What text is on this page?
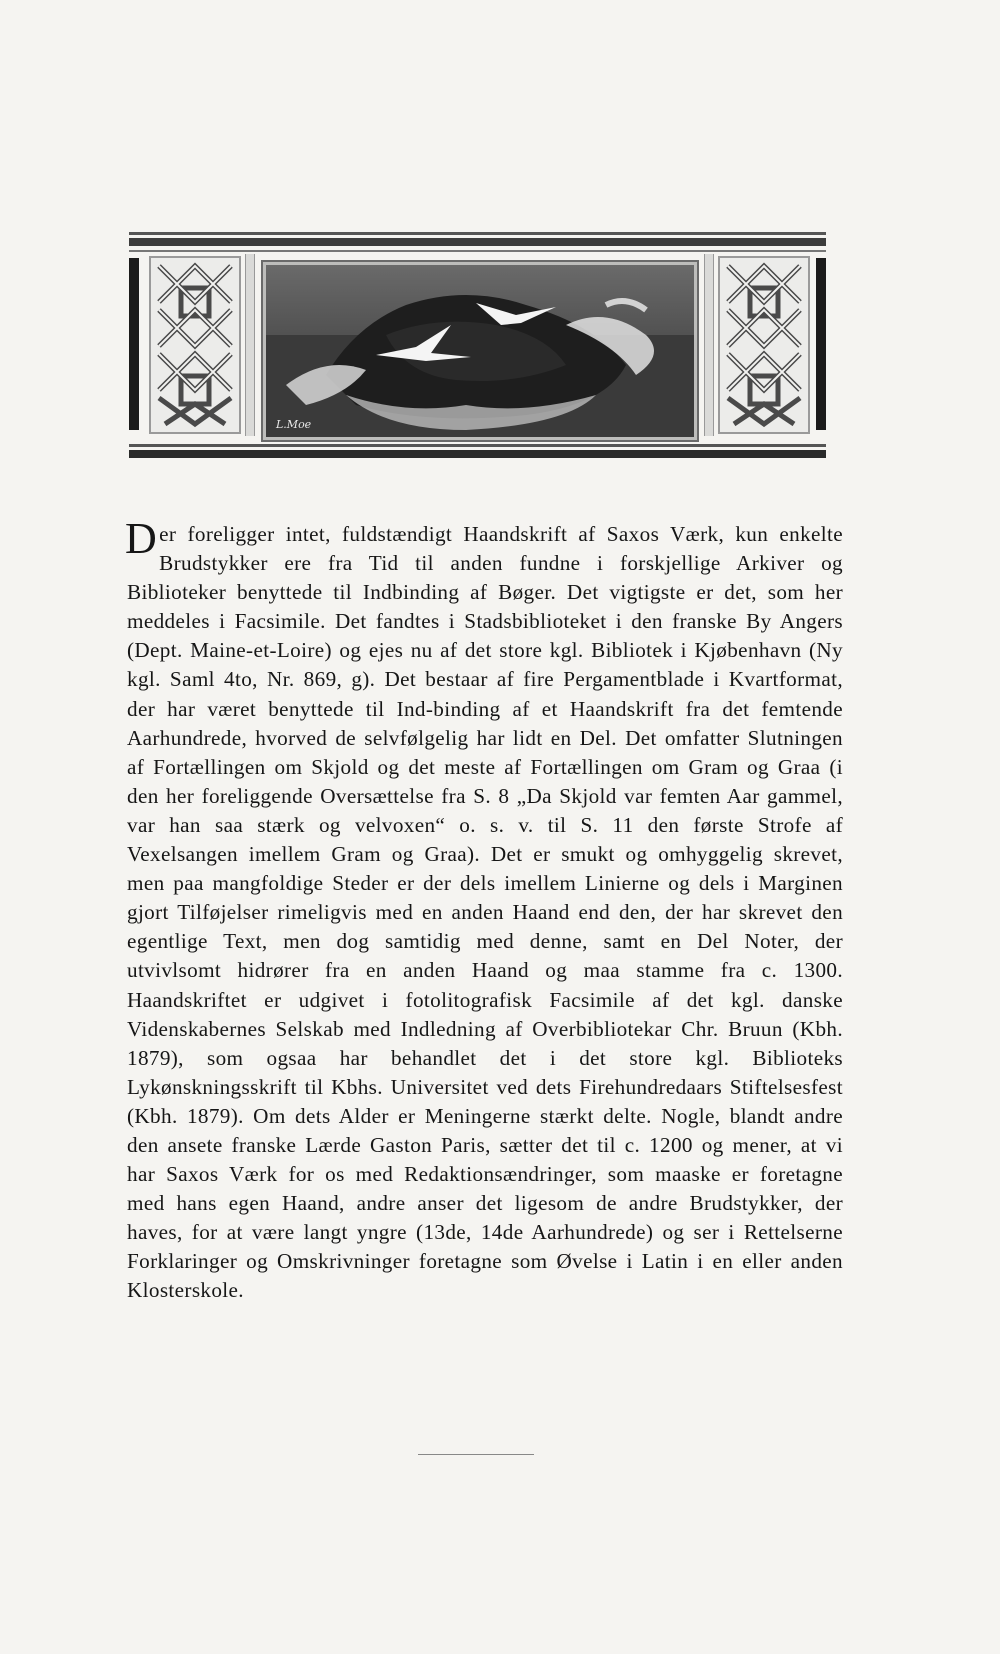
L.Moe

Der foreligger intet, fuldstændigt Haandskrift af Saxos Værk, kun enkelte Brudstykker ere fra Tid til anden fundne i forskjellige Arkiver og Biblioteker benyttede til Indbinding af Bøger. Det vigtigste er det, som her meddeles i Facsimile. Det fandtes i Stadsbiblioteket i den franske By Angers (Dept. Maine-et-Loire) og ejes nu af det store kgl. Bibliotek i Kjøbenhavn (Ny kgl. Saml 4to, Nr. 869, g). Det bestaar af fire Pergamentblade i Kvartformat, der har været benyttede til Ind-binding af et Haandskrift fra det femtende Aarhundrede, hvorved de selvfølgelig har lidt en Del. Det omfatter Slutningen af Fortællingen om Skjold og det meste af Fortællingen om Gram og Graa (i den her foreliggende Oversættelse fra S. 8 „Da Skjold var femten Aar gammel, var han saa stærk og velvoxen“ o. s. v. til S. 11 den første Strofe af Vexelsangen imellem Gram og Graa). Det er smukt og omhyggelig skrevet, men paa mangfoldige Steder er der dels imellem Linierne og dels i Marginen gjort Tilføjelser rimeligvis med en anden Haand end den, der har skrevet den egentlige Text, men dog samtidig med denne, samt en Del Noter, der utvivlsomt hidrører fra en anden Haand og maa stamme fra c. 1300. Haandskriftet er udgivet i fotolitografisk Facsimile af det kgl. danske Videnskabernes Selskab med Indledning af Overbibliotekar Chr. Bruun (Kbh. 1879), som ogsaa har behandlet det i det store kgl. Biblioteks Lykønskningsskrift til Kbhs. Universitet ved dets Firehundredaars Stiftelsesfest (Kbh. 1879). Om dets Alder er Meningerne stærkt delte. Nogle, blandt andre den ansete franske Lærde Gaston Paris, sætter det til c. 1200 og mener, at vi har Saxos Værk for os med Redaktionsændringer, som maaske er foretagne med hans egen Haand, andre anser det ligesom de andre Brudstykker, der haves, for at være langt yngre (13de, 14de Aarhundrede) og ser i Rettelserne Forklaringer og Omskrivninger foretagne som Øvelse i Latin i en eller anden Klosterskole.
